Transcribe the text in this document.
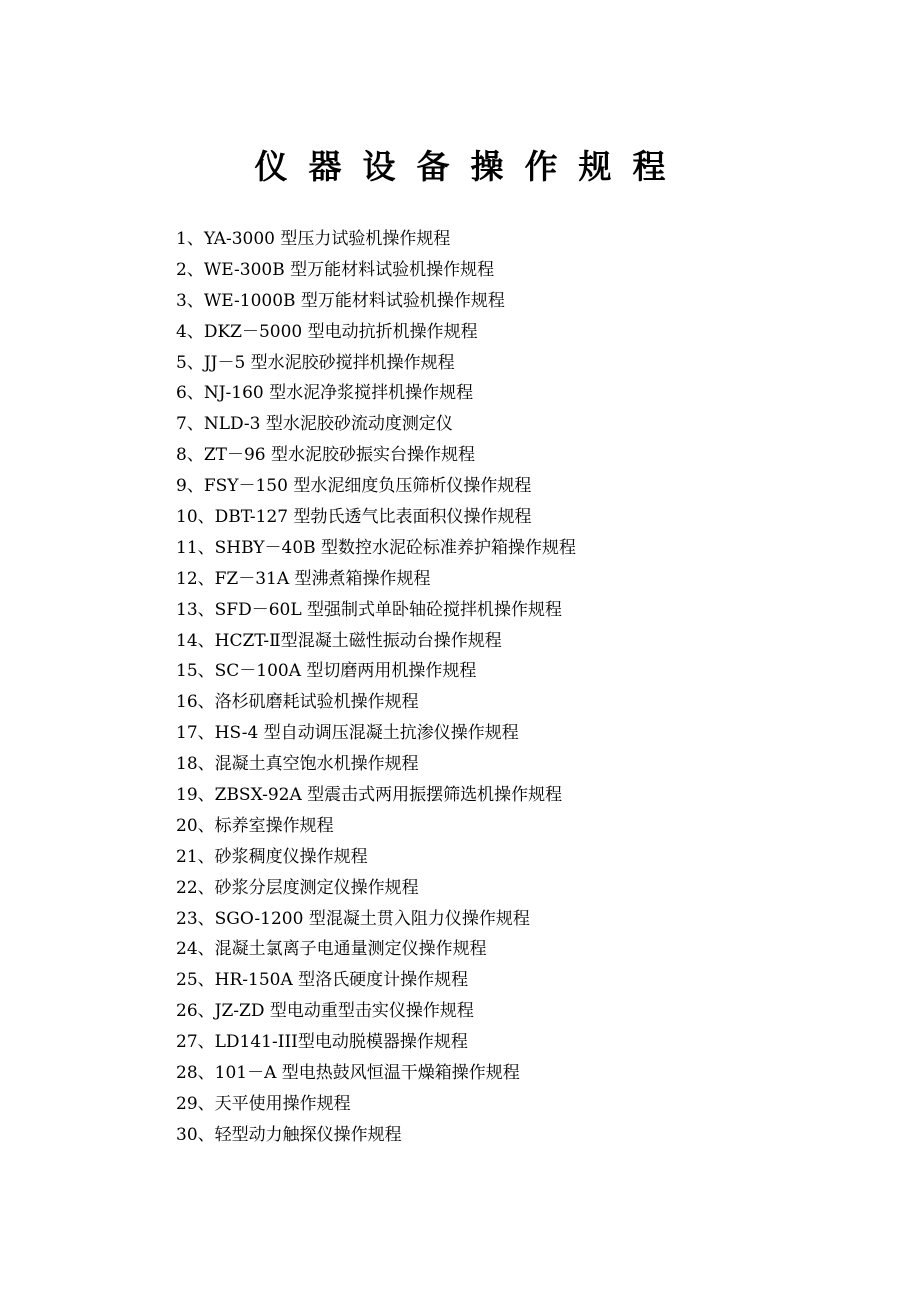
仪器设备操作规程
1、YA-3000 型压力试验机操作规程
2、WE-300B 型万能材料试验机操作规程
3、WE-1000B 型万能材料试验机操作规程
4、DKZ－5000 型电动抗折机操作规程
5、JJ－5 型水泥胶砂搅拌机操作规程
6、NJ-160 型水泥净浆搅拌机操作规程
7、NLD-3 型水泥胶砂流动度测定仪
8、ZT－96 型水泥胶砂振实台操作规程
9、FSY－150 型水泥细度负压筛析仪操作规程
10、DBT-127 型勃氏透气比表面积仪操作规程
11、SHBY－40B 型数控水泥砼标准养护箱操作规程
12、FZ－31A 型沸煮箱操作规程
13、SFD－60L 型强制式单卧轴砼搅拌机操作规程
14、HCZT-Ⅱ型混凝土磁性振动台操作规程
15、SC－100A 型切磨两用机操作规程
16、洛杉矶磨耗试验机操作规程
17、HS-4 型自动调压混凝土抗渗仪操作规程
18、混凝土真空饱水机操作规程
19、ZBSX-92A 型震击式两用振摆筛选机操作规程
20、标养室操作规程
21、砂浆稠度仪操作规程
22、砂浆分层度测定仪操作规程
23、SGO-1200 型混凝土贯入阻力仪操作规程
24、混凝土氯离子电通量测定仪操作规程
25、HR-150A 型洛氏硬度计操作规程
26、JZ-ZD 型电动重型击实仪操作规程
27、LD141-III型电动脱模器操作规程
28、101－A 型电热鼓风恒温干燥箱操作规程
29、天平使用操作规程
30、轻型动力触探仪操作规程
